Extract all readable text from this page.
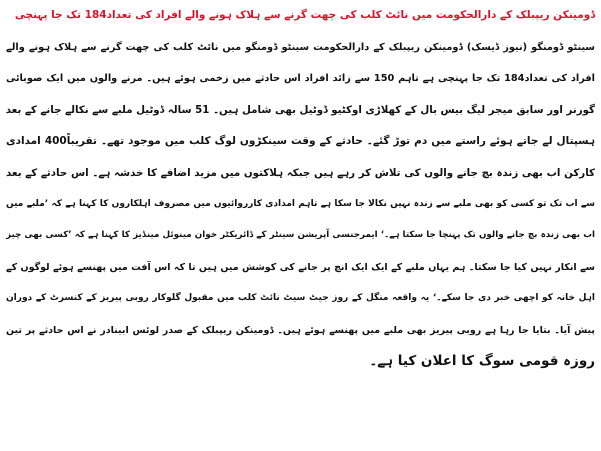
ڈومینکن ریپبلک کے دارالحکومت میں نائٹ کلب کی چھت گرنے سے ہلاک ہونے والے افراد کی تعداد184 تک جا پہنچی
سینٹو ڈومنگو (نیوز ڈیسک) ڈومینکن ریپبلک کے دارالحکومت سینٹو ڈومنگو میں نائٹ کلب کی چھت گرنے سے ہلاک ہونے والے
افراد کی تعداد184 تک جا پہنچی ہے تاہم 150 سے زائد افراد اس حادثے میں زخمی ہوئے ہیں۔ مرنے والوں میں ایک صوبائی
گورنر اور سابق میجر لیگ بیس بال کے کھلاڑی اوکٹیو ڈوٹیل بھی شامل ہیں۔ 51 سالہ ڈوٹیل ملبے سے نکالے جانے کے بعد
ہسپتال لے جاتے ہوئے راستے میں دم توڑ گئے۔ حادثے کے وقت سینکڑوں لوگ کلب میں موجود تھے۔ تقریباً400 امدادی
کارکن اب بھی زندہ بچ جانے والوں کی تلاش کر رہے ہیں جبکہ ہلاکتوں میں مزید اضافے کا خدشہ ہے۔ اس حادثے کے بعد
سے اب تک تو کسی کو بھی ملبے سے زندہ نہیں نکالا جا سکا ہے تاہم امدادی کارروائیوں میں مصروف اہلکاروں کا کہنا ہے کہ ’ملبے میں
اب بھی زندہ بچ جانے والوں تک پہنچا جا سکتا ہے۔‘ ایمرجنسی آپریشن سینٹر کے ڈائریکٹر خوان مینوئل مینڈیز کا کہنا ہے کہ ’کسی بھی چیز
سے انکار نہیں کیا جا سکتا۔ ہم یہاں ملبے کے ایک ایک انچ پر جانے کی کوشش میں ہیں تا کہ اس آفت میں پھنسے ہوئے لوگوں کے
اہل خانہ کو اچھی خبر دی جا سکے۔‘ یہ واقعہ منگل کے روز جیٹ سیٹ نائٹ کلب میں مقبول گلوکار روبی پیریز کے کنسرٹ کے دوران
پیش آیا۔ بتایا جا رہا ہے روبی پیریز بھی ملبے میں پھنسے ہوئے ہیں۔ ڈومینکن ریپبلک کے صدر لوئس ابینادر نے اس حادثے پر تین
روزہ قومی سوگ کا اعلان کیا ہے۔
